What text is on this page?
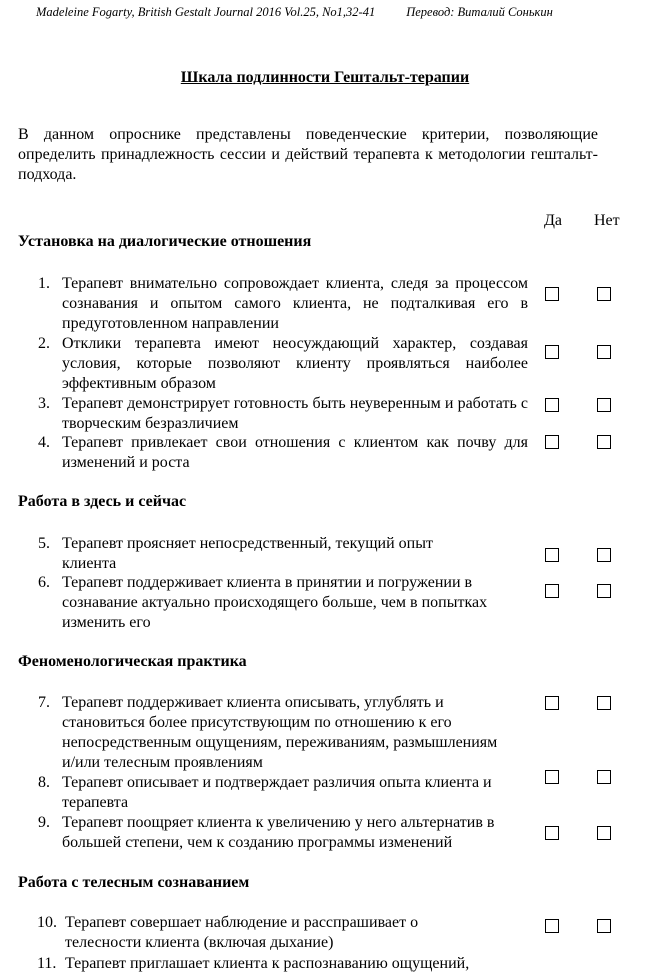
Madeleine Fogarty, British Gestalt Journal 2016 Vol.25, No1,32-41 Перевод: Виталий Сонькин
Шкала подлинности Гештальт-терапии
В данном опроснике представлены поведенческие критерии, позволяющие определить принадлежность сессии и действий терапевта к методологии гештальт-подхода.
Да Нет
Установка на диалогические отношения
1. Терапевт внимательно сопровождает клиента, следя за процессом сознавания и опытом самого клиента, не подталкивая его в предуготовленном направлении
2. Отклики терапевта имеют неосуждающий характер, создавая условия, которые позволяют клиенту проявляться наиболее эффективным образом
3. Терапевт демонстрирует готовность быть неуверенным и работать с творческим безразличием
4. Терапевт привлекает свои отношения с клиентом как почву для изменений и роста
Работа в здесь и сейчас
5. Терапевт проясняет непосредственный, текущий опыт клиента
6. Терапевт поддерживает клиента в принятии и погружении в сознавание актуально происходящего больше, чем в попытках изменить его
Феноменологическая практика
7. Терапевт поддерживает клиента описывать, углублять и становиться более присутствующим по отношению к его непосредственным ощущениям, переживаниям, размышлениям и/или телесным проявлениям
8. Терапевт описывает и подтверждает различия опыта клиента и терапевта
9. Терапевт поощряет клиента к увеличению у него альтернатив в большей степени, чем к созданию программы изменений
Работа с телесным сознаванием
10. Терапевт совершает наблюдение и расспрашивает о телесности клиента (включая дыхание)
11. Терапевт приглашает клиента к распознаванию ощущений,
